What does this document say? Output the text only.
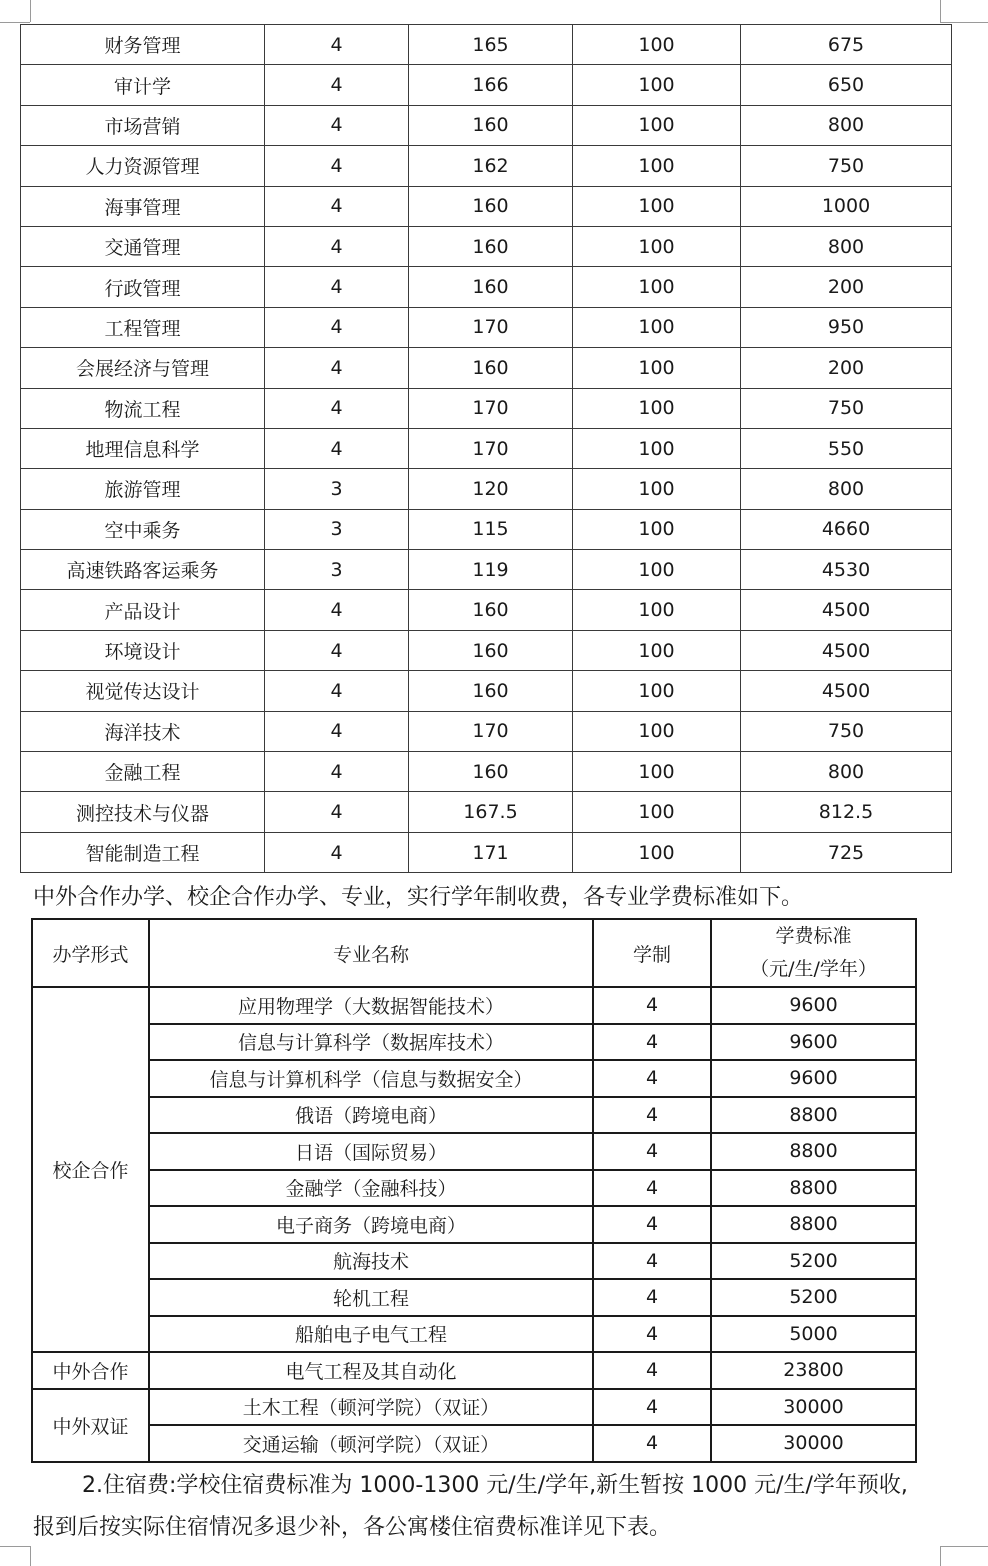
财务管理	4	165	100	675
审计学	4	166	100	650
市场营销	4	160	100	800
人力资源管理	4	162	100	750
海事管理	4	160	100	1000
交通管理	4	160	100	800
行政管理	4	160	100	200
工程管理	4	170	100	950
会展经济与管理	4	160	100	200
物流工程	4	170	100	750
地理信息科学	4	170	100	550
旅游管理	3	120	100	800
空中乘务	3	115	100	4660
高速铁路客运乘务	3	119	100	4530
产品设计	4	160	100	4500
环境设计	4	160	100	4500
视觉传达设计	4	160	100	4500
海洋技术	4	170	100	750
金融工程	4	160	100	800
测控技术与仪器	4	167.5	100	812.5
智能制造工程	4	171	100	725
中外合作办学、校企合作办学、专业，实行学年制收费，各专业学费标准如下。
办学形式	专业名称	学制	学费标准
（元/生/学年）

校企合作	应用物理学（大数据智能技术）	4	9600
	信息与计算科学（数据库技术）	4	9600
	信息与计算机科学（信息与数据安全）	4	9600
	俄语（跨境电商）	4	8800
	日语（国际贸易）	4	8800
	金融学（金融科技）	4	8800
	电子商务（跨境电商）	4	8800
	航海技术	4	5200
	轮机工程	4	5200
	船舶电子电气工程	4	5000
中外合作	电气工程及其自动化	4	23800
中外双证	土木工程（顿河学院）（双证）	4	30000
	交通运输（顿河学院）（双证）	4	30000
2.住宿费:学校住宿费标准为 1000-1300 元/生/学年,新生暂按 1000 元/生/学年预收,
报到后按实际住宿情况多退少补，各公寓楼住宿费标准详见下表。
